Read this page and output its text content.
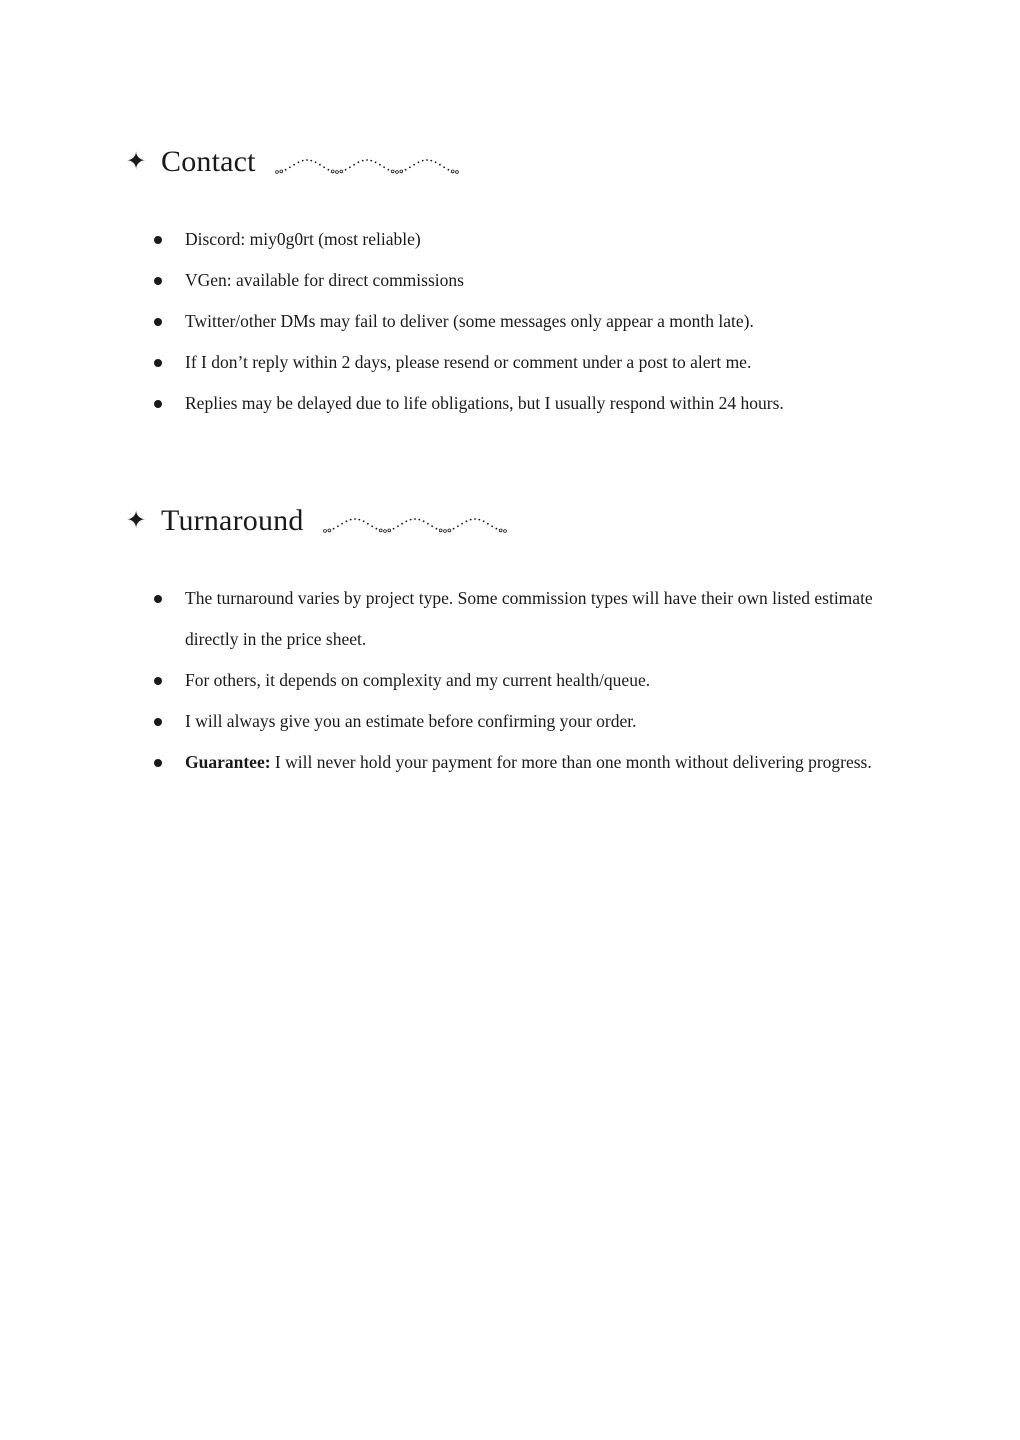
✦ Contact
Discord: miy0g0rt (most reliable)
VGen: available for direct commissions
Twitter/other DMs may fail to deliver (some messages only appear a month late).
If I don’t reply within 2 days, please resend or comment under a post to alert me.
Replies may be delayed due to life obligations, but I usually respond within 24 hours.
✦ Turnaround
The turnaround varies by project type. Some commission types will have their own listed estimate directly in the price sheet.
For others, it depends on complexity and my current health/queue.
I will always give you an estimate before confirming your order.
Guarantee: I will never hold your payment for more than one month without delivering progress.
